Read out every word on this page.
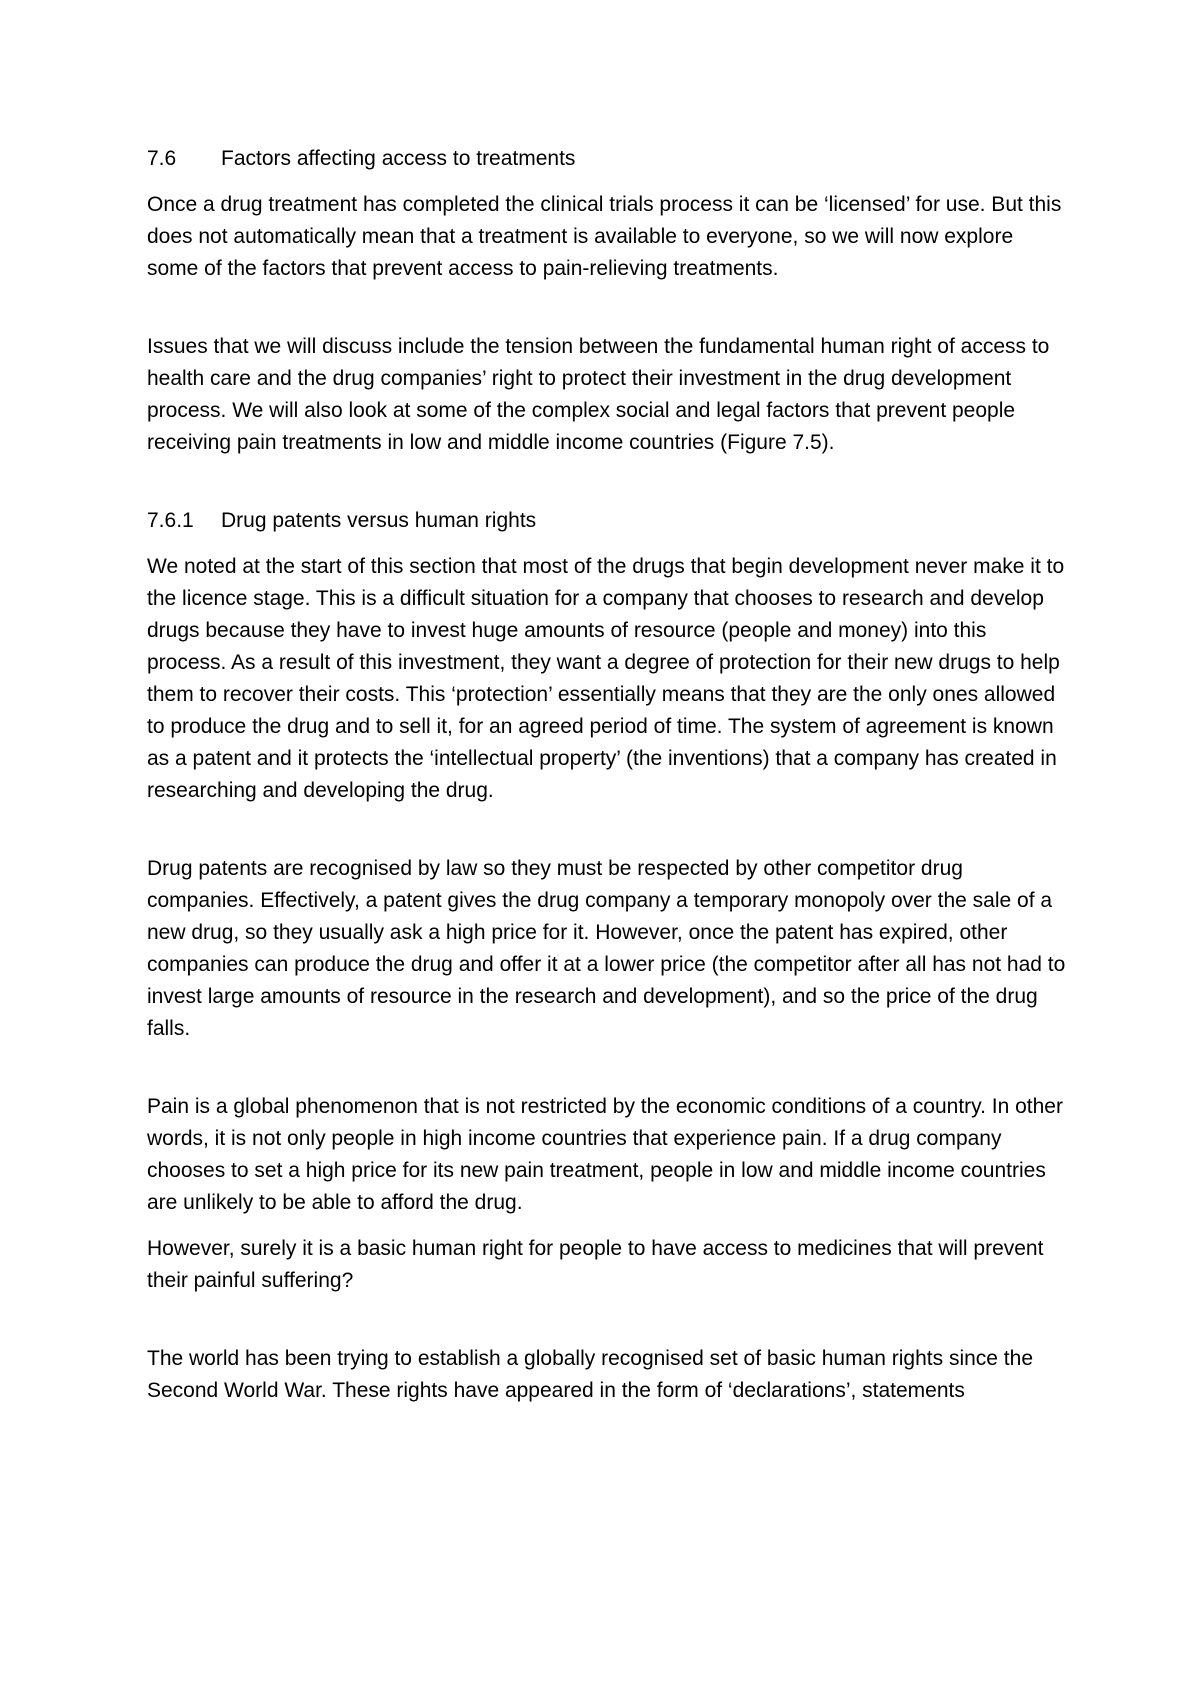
7.6	Factors affecting access to treatments

Once a drug treatment has completed the clinical trials process it can be ‘licensed’ for use. But this does not automatically mean that a treatment is available to everyone, so we will now explore some of the factors that prevent access to pain-relieving treatments.

Issues that we will discuss include the tension between the fundamental human right of access to health care and the drug companies’ right to protect their investment in the drug development process. We will also look at some of the complex social and legal factors that prevent people receiving pain treatments in low and middle income countries (Figure 7.5).

7.6.1	Drug patents versus human rights

We noted at the start of this section that most of the drugs that begin development never make it to the licence stage. This is a difficult situation for a company that chooses to research and develop drugs because they have to invest huge amounts of resource (people and money) into this process. As a result of this investment, they want a degree of protection for their new drugs to help them to recover their costs. This ‘protection’ essentially means that they are the only ones allowed to produce the drug and to sell it, for an agreed period of time. The system of agreement is known as a patent and it protects the ‘intellectual property’ (the inventions) that a company has created in researching and developing the drug.

Drug patents are recognised by law so they must be respected by other competitor drug companies. Effectively, a patent gives the drug company a temporary monopoly over the sale of a new drug, so they usually ask a high price for it. However, once the patent has expired, other companies can produce the drug and offer it at a lower price (the competitor after all has not had to invest large amounts of resource in the research and development), and so the price of the drug falls.

Pain is a global phenomenon that is not restricted by the economic conditions of a country. In other words, it is not only people in high income countries that experience pain. If a drug company chooses to set a high price for its new pain treatment, people in low and middle income countries are unlikely to be able to afford the drug.

However, surely it is a basic human right for people to have access to medicines that will prevent their painful suffering?

The world has been trying to establish a globally recognised set of basic human rights since the Second World War. These rights have appeared in the form of ‘declarations’, statements
